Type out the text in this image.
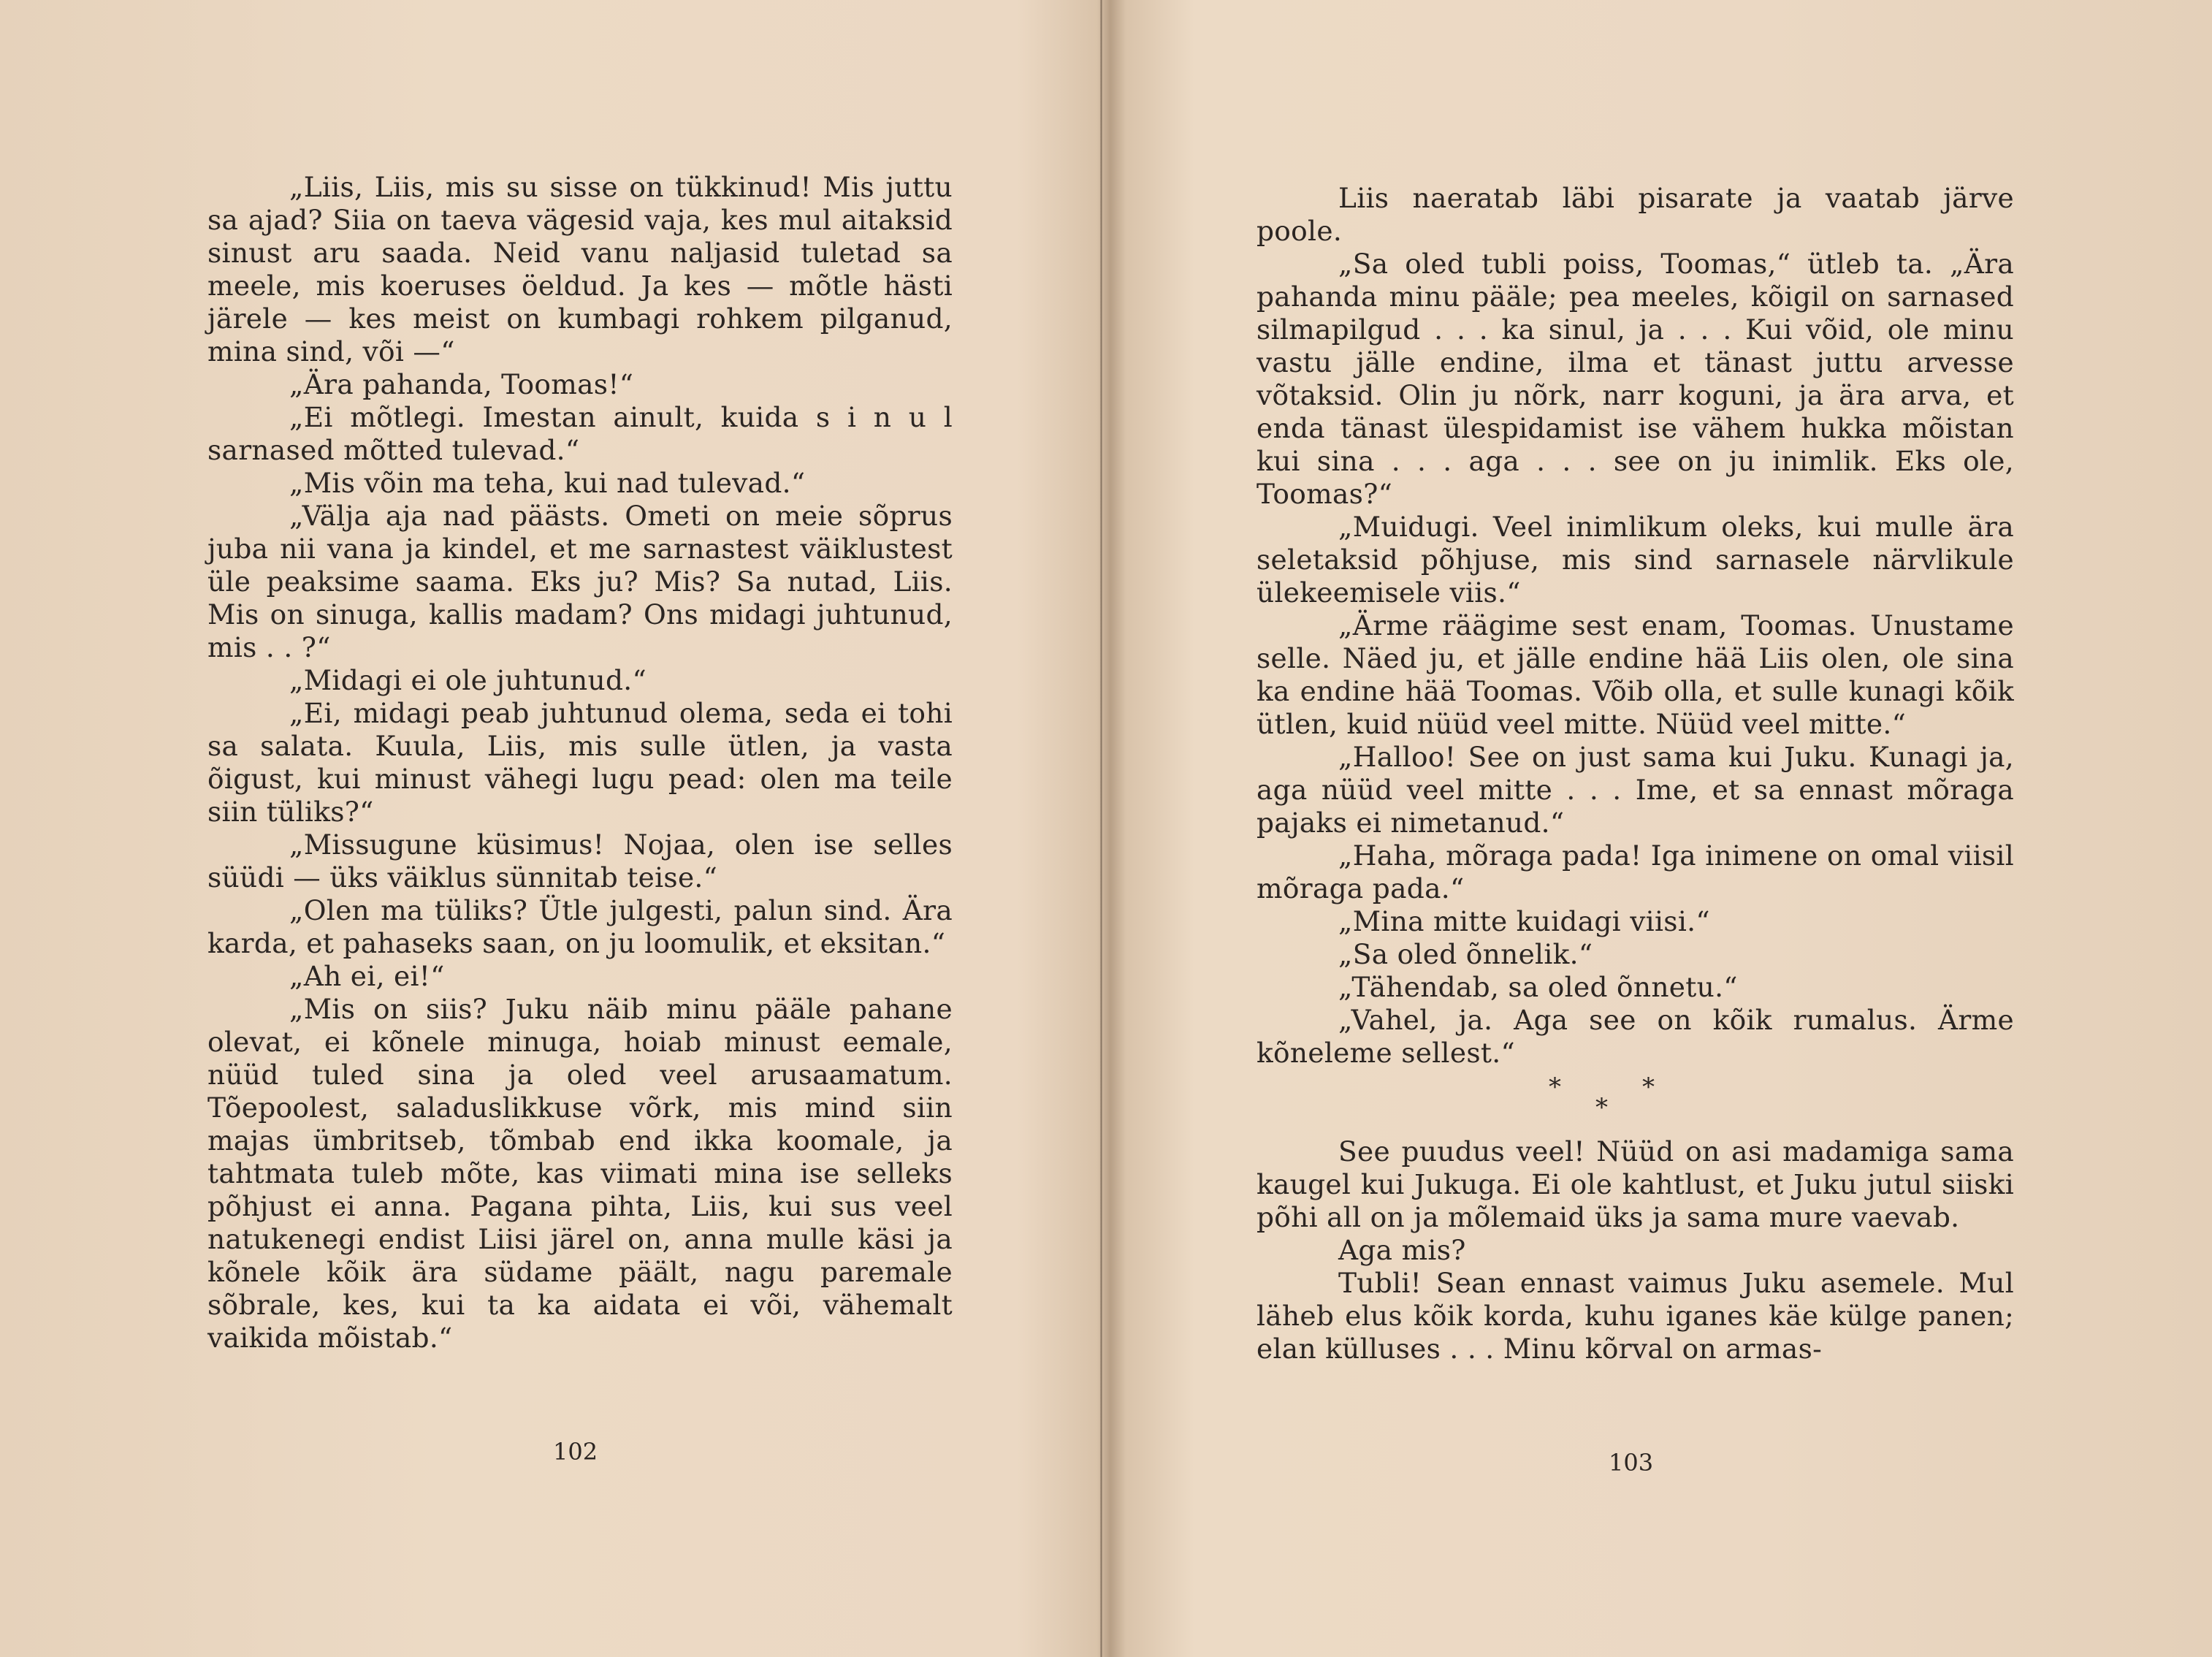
„Liis, Liis, mis su sisse on tükkinud! Mis juttu sa ajad? Siia on taeva vägesid vaja, kes mul aitaksid sinust aru saada. Neid vanu naljasid tuletad sa meele, mis koeruses öeldud. Ja kes — mõtle hästi järele — kes meist on kumbagi rohkem pilganud, mina sind, või —“

„Ära pahanda, Toomas!“

„Ei mõtlegi. Imestan ainult, kuida s i n u l sarnased mõtted tulevad.“

„Mis võin ma teha, kui nad tulevad.“

„Välja aja nad päästs. Ometi on meie sõprus juba nii vana ja kindel, et me sarnastest väiklustest üle peaksime saama. Eks ju? Mis? Sa nutad, Liis. Mis on sinuga, kallis madam? Ons midagi juhtunud, mis . . ?“

„Midagi ei ole juhtunud.“

„Ei, midagi peab juhtunud olema, seda ei tohi sa salata. Kuula, Liis, mis sulle ütlen, ja vasta õigust, kui minust vähegi lugu pead: olen ma teile siin tüliks?“

„Missugune küsimus! Nojaa, olen ise selles süüdi — üks väiklus sünnitab teise.“

„Olen ma tüliks? Ütle julgesti, palun sind. Ära karda, et pahaseks saan, on ju loomulik, et eksitan.“

„Ah ei, ei!“

„Mis on siis? Juku näib minu pääle pahane olevat, ei kõnele minuga, hoiab minust eemale, nüüd tuled sina ja oled veel arusaamatum. Tõepoolest, saladuslikkuse võrk, mis mind siin majas ümbritseb, tõmbab end ikka koomale, ja tahtmata tuleb mõte, kas viimati mina ise selleks põhjust ei anna. Pagana pihta, Liis, kui sus veel natukenegi endist Liisi järel on, anna mulle käsi ja kõnele kõik ära südame päält, nagu paremale sõbrale, kes, kui ta ka aidata ei või, vähemalt vaikida mõistab.“

102

Liis naeratab läbi pisarate ja vaatab järve poole.

„Sa oled tubli poiss, Toomas,“ ütleb ta. „Ära pahanda minu pääle; pea meeles, kõigil on sarnased silmapilgud . . . ka sinul, ja . . . Kui võid, ole minu vastu jälle endine, ilma et tänast juttu arvesse võtaksid. Olin ju nõrk, narr koguni, ja ära arva, et enda tänast ülespidamist ise vähem hukka mõistan kui sina . . . aga . . . see on ju inimlik. Eks ole, Toomas?“

„Muidugi. Veel inimlikum oleks, kui mulle ära seletaksid põhjuse, mis sind sarnasele närvlikule ülekeemisele viis.“

„Ärme räägime sest enam, Toomas. Unustame selle. Näed ju, et jälle endine hää Liis olen, ole sina ka endine hää Toomas. Võib olla, et sulle kunagi kõik ütlen, kuid nüüd veel mitte. Nüüd veel mitte.“

„Halloo! See on just sama kui Juku. Kunagi ja, aga nüüd veel mitte . . . Ime, et sa ennast mõraga pajaks ei nimetanud.“

„Haha, mõraga pada! Iga inimene on omal viisil mõraga pada.“

„Mina mitte kuidagi viisi.“

„Sa oled õnnelik.“

„Tähendab, sa oled õnnetu.“

„Vahel, ja. Aga see on kõik rumalus. Ärme kõneleme sellest.“

*	*
*

See puudus veel! Nüüd on asi madamiga sama kaugel kui Jukuga. Ei ole kahtlust, et Juku jutul siiski põhi all on ja mõlemaid üks ja sama mure vaevab.

Aga mis?

Tubli! Sean ennast vaimus Juku asemele. Mul läheb elus kõik korda, kuhu iganes käe külge panen; elan külluses . . . Minu kõrval on armas-

103
